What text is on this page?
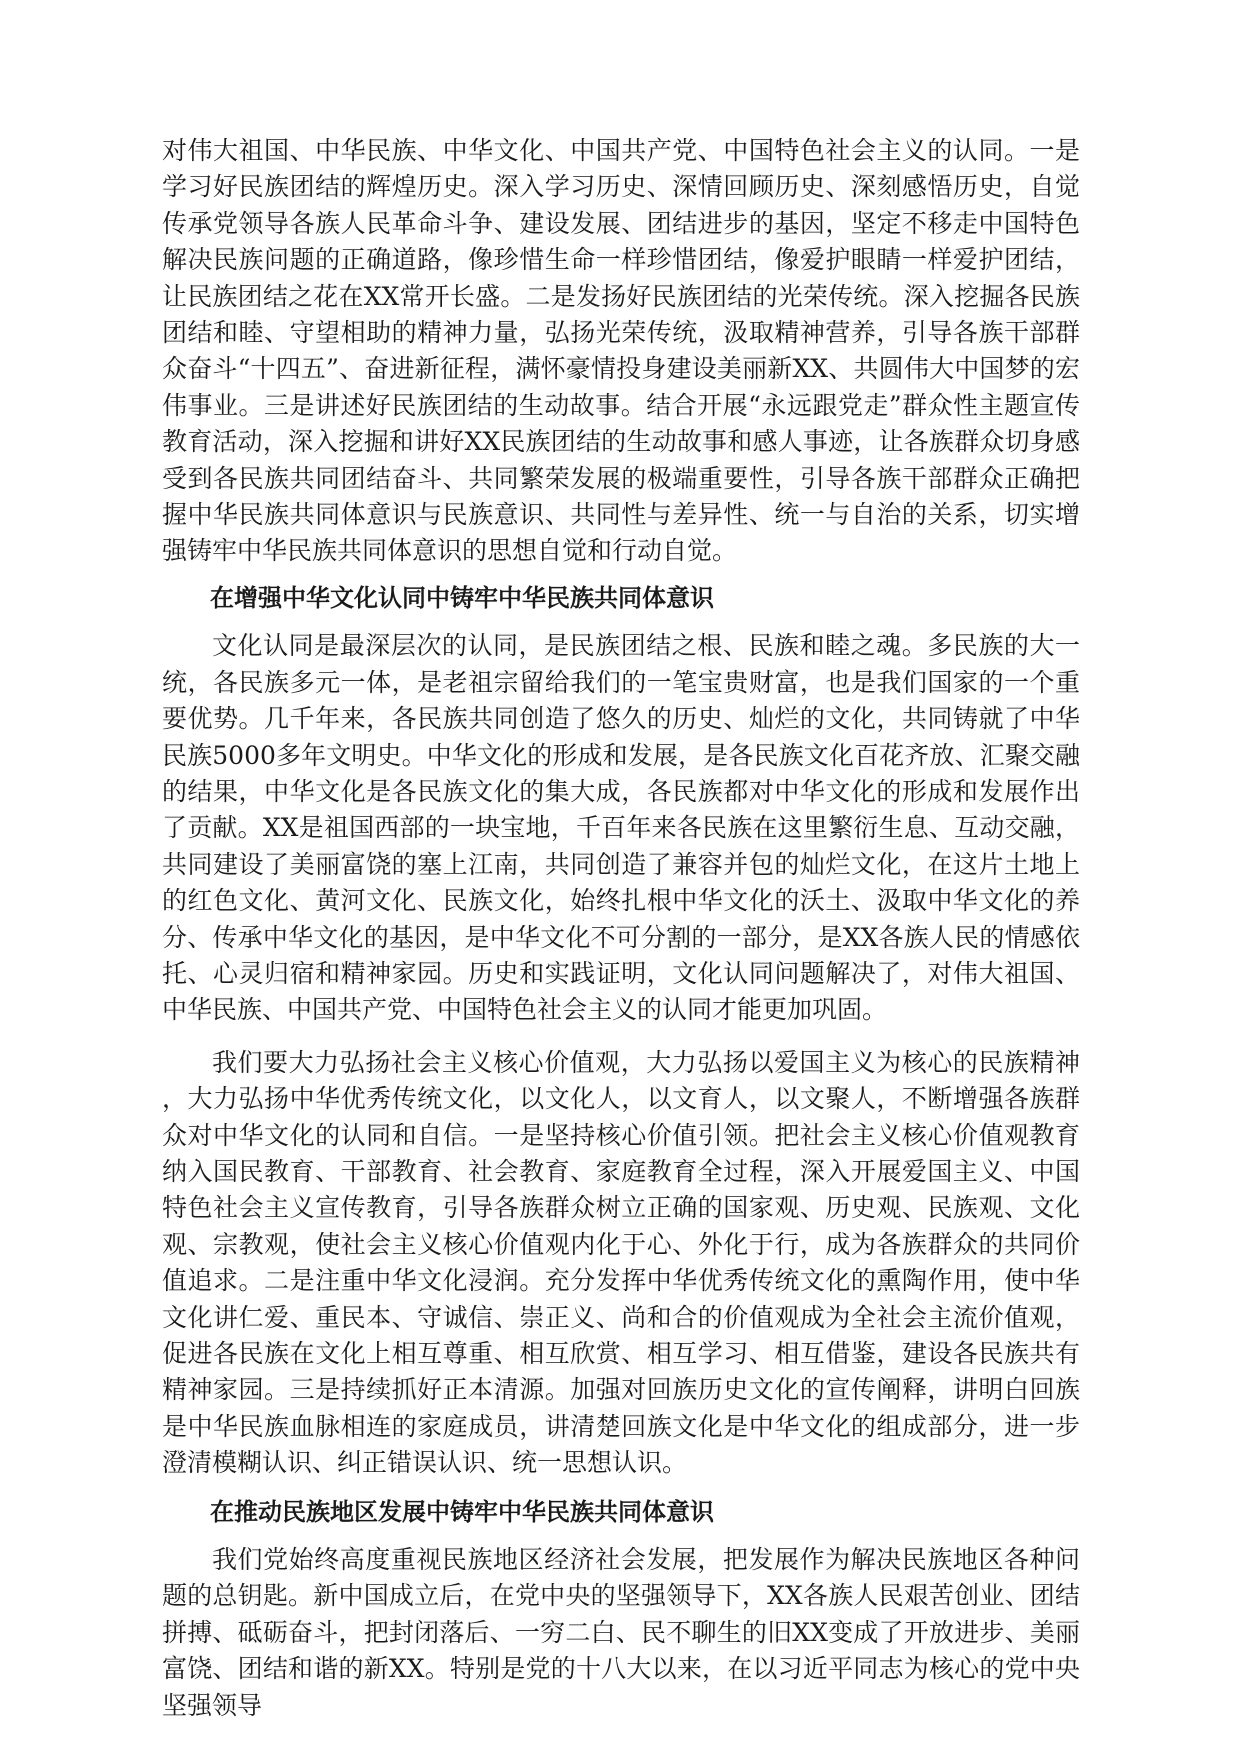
对伟大祖国、中华民族、中华文化、中国共产党、中国特色社会主义的认同。一是学习好民族团结的辉煌历史。深入学习历史、深情回顾历史、深刻感悟历史，自觉传承党领导各族人民革命斗争、建设发展、团结进步的基因，坚定不移走中国特色解决民族问题的正确道路，像珍惜生命一样珍惜团结，像爱护眼睛一样爱护团结，让民族团结之花在XX常开长盛。二是发扬好民族团结的光荣传统。深入挖掘各民族团结和睦、守望相助的精神力量，弘扬光荣传统，汲取精神营养，引导各族干部群众奋斗“十四五”、奋进新征程，满怀豪情投身建设美丽新XX、共圆伟大中国梦的宏伟事业。三是讲述好民族团结的生动故事。结合开展“永远跟党走”群众性主题宣传教育活动，深入挖掘和讲好XX民族团结的生动故事和感人事迹，让各族群众切身感受到各民族共同团结奋斗、共同繁荣发展的极端重要性，引导各族干部群众正确把握中华民族共同体意识与民族意识、共同性与差异性、统一与自治的关系，切实增强铸牢中华民族共同体意识的思想自觉和行动自觉。

在增强中华文化认同中铸牢中华民族共同体意识

文化认同是最深层次的认同，是民族团结之根、民族和睦之魂。多民族的大一统，各民族多元一体，是老祖宗留给我们的一笔宝贵财富，也是我们国家的一个重要优势。几千年来，各民族共同创造了悠久的历史、灿烂的文化，共同铸就了中华民族5000多年文明史。中华文化的形成和发展，是各民族文化百花齐放、汇聚交融的结果，中华文化是各民族文化的集大成，各民族都对中华文化的形成和发展作出了贡献。XX是祖国西部的一块宝地，千百年来各民族在这里繁衍生息、互动交融，共同建设了美丽富饶的塞上江南，共同创造了兼容并包的灿烂文化，在这片土地上的红色文化、黄河文化、民族文化，始终扎根中华文化的沃土、汲取中华文化的养分、传承中华文化的基因，是中华文化不可分割的一部分，是XX各族人民的情感依托、心灵归宿和精神家园。历史和实践证明，文化认同问题解决了，对伟大祖国、中华民族、中国共产党、中国特色社会主义的认同才能更加巩固。

我们要大力弘扬社会主义核心价值观，大力弘扬以爱国主义为核心的民族精神，大力弘扬中华优秀传统文化，以文化人，以文育人，以文聚人，不断增强各族群众对中华文化的认同和自信。一是坚持核心价值引领。把社会主义核心价值观教育纳入国民教育、干部教育、社会教育、家庭教育全过程，深入开展爱国主义、中国特色社会主义宣传教育，引导各族群众树立正确的国家观、历史观、民族观、文化观、宗教观，使社会主义核心价值观内化于心、外化于行，成为各族群众的共同价值追求。二是注重中华文化浸润。充分发挥中华优秀传统文化的熏陶作用，使中华文化讲仁爱、重民本、守诚信、崇正义、尚和合的价值观成为全社会主流价值观，促进各民族在文化上相互尊重、相互欣赏、相互学习、相互借鉴，建设各民族共有精神家园。三是持续抓好正本清源。加强对回族历史文化的宣传阐释，讲明白回族是中华民族血脉相连的家庭成员，讲清楚回族文化是中华文化的组成部分，进一步澄清模糊认识、纠正错误认识、统一思想认识。

在推动民族地区发展中铸牢中华民族共同体意识

我们党始终高度重视民族地区经济社会发展，把发展作为解决民族地区各种问题的总钥匙。新中国成立后，在党中央的坚强领导下，XX各族人民艰苦创业、团结拼搏、砥砺奋斗，把封闭落后、一穷二白、民不聊生的旧XX变成了开放进步、美丽富饶、团结和谐的新XX。特别是党的十八大以来，在以习近平同志为核心的党中央坚强领导
